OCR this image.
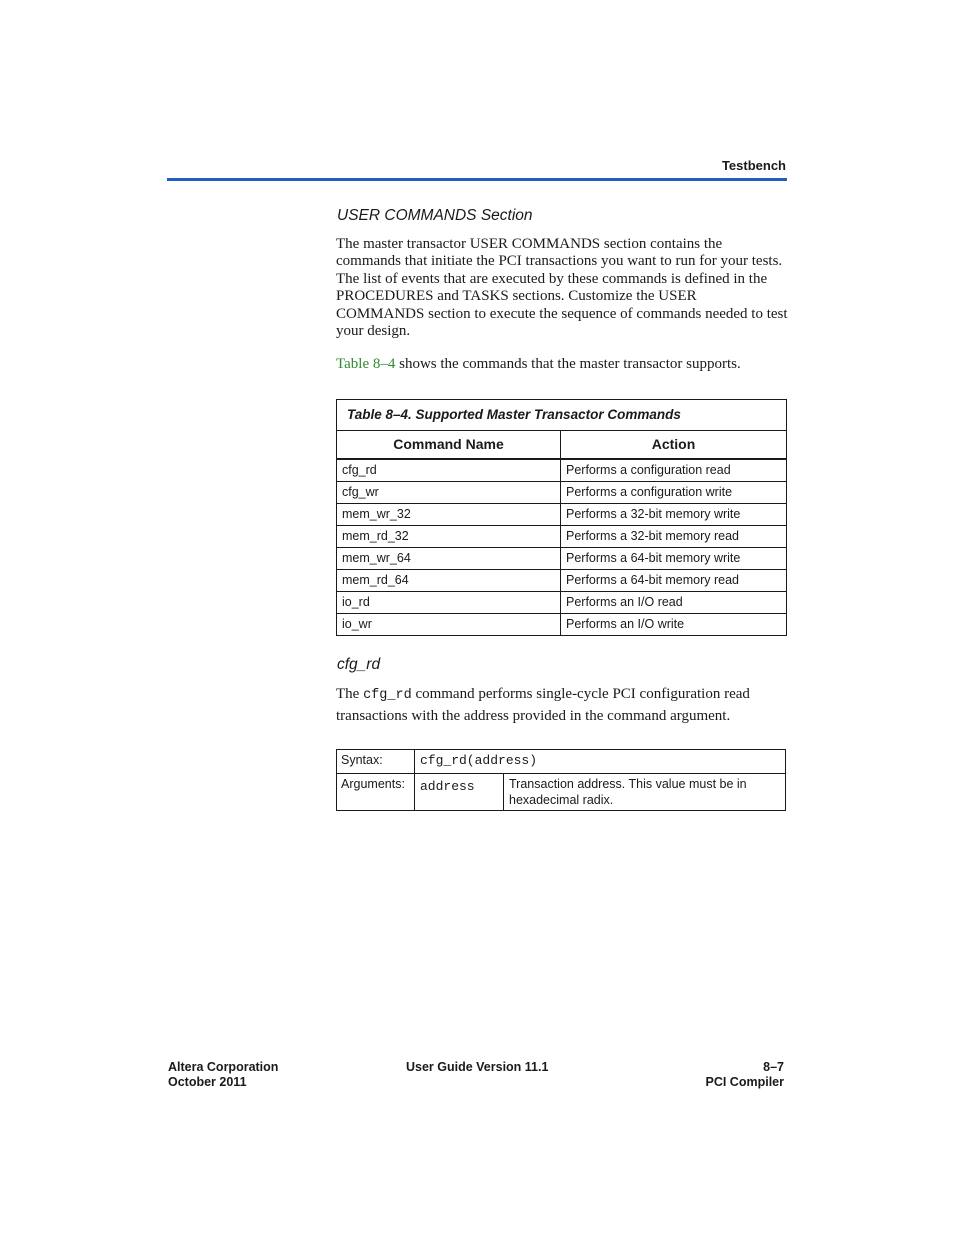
Testbench
USER COMMANDS Section
The master transactor USER COMMANDS section contains the commands that initiate the PCI transactions you want to run for your tests. The list of events that are executed by these commands is defined in the PROCEDURES and TASKS sections. Customize the USER COMMANDS section to execute the sequence of commands needed to test your design.
Table 8–4 shows the commands that the master transactor supports.
Table 8–4. Supported Master Transactor Commands
Command Name	Action
cfg_rd	Performs a configuration read
cfg_wr	Performs a configuration write
mem_wr_32	Performs a 32-bit memory write
mem_rd_32	Performs a 32-bit memory read
mem_wr_64	Performs a 64-bit memory write
mem_rd_64	Performs a 64-bit memory read
io_rd	Performs an I/O read
io_wr	Performs an I/O write
cfg_rd
The cfg_rd command performs single-cycle PCI configuration read
transactions with the address provided in the command argument.
Syntax:	cfg_rd(address)
Arguments:	address	Transaction address. This value must be in hexadecimal radix.
Altera Corporation
October 2011
User Guide Version 11.1	8–7
PCI Compiler
